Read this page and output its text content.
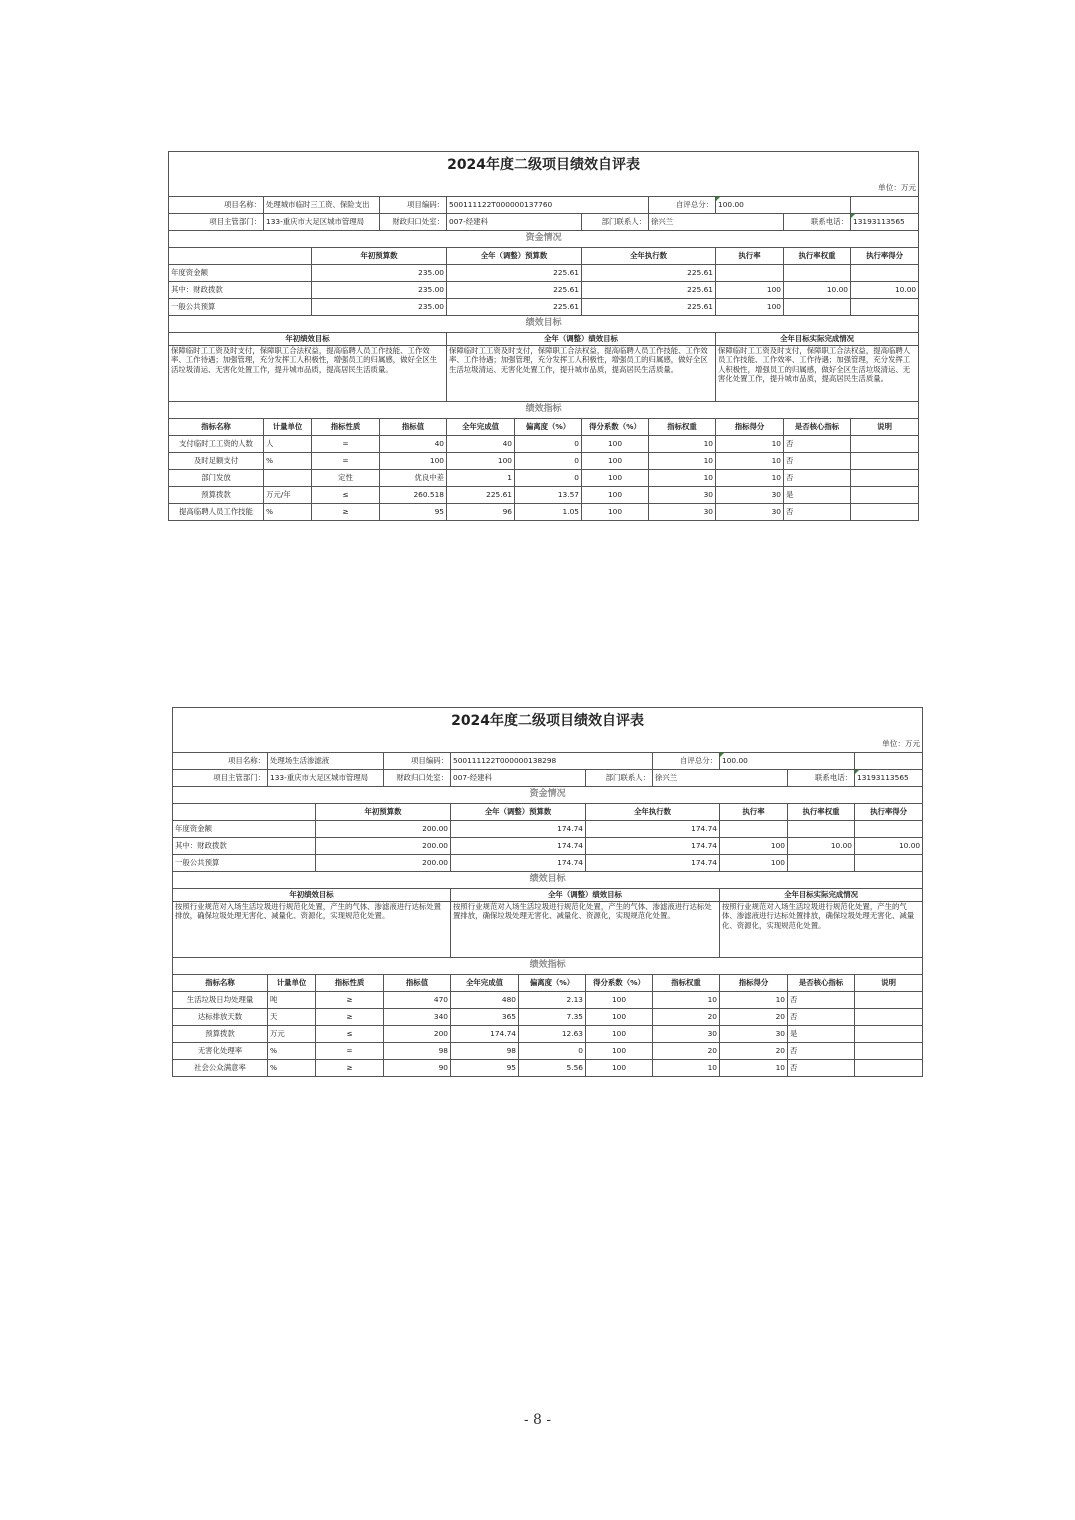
2024年度二级项目绩效自评表										
单位：万元										
项目名称：	处理城市临时三工资、保险支出		项目编码：	500111122T000000137760			自评总分：	100.00		
项目主管部门：	133-重庆市大足区城市管理局		财政归口处室：	007-经建科		部门联系人：	徐兴兰		联系电话：	13193113565
资金情况										
		年初预算数		全年（调整）预算数		全年执行数		执行率	执行率权重	执行率得分
年度资金额		235.00		225.61		225.61				
其中：财政拨款		235.00		225.61		225.61		100	10.00	10.00
一般公共预算		235.00		225.61		225.61		100		
绩效目标										
年初绩效目标				全年（调整）绩效目标				全年目标实际完成情况		
保障临时工工资及时支付，保障职工合法权益，提高临聘人员工作技能、工作效率、工作待遇；加强管理，充分发挥工人积极性，增强员工的归属感，做好全区生活垃圾清运、无害化处置工作，提升城市品质，提高居民生活质量。				保障临时工工资及时支付，保障职工合法权益，提高临聘人员工作技能、工作效率、工作待遇；加强管理，充分发挥工人积极性，增强员工的归属感，做好全区生活垃圾清运、无害化处置工作，提升城市品质，提高居民生活质量。				保障临时工工资及时支付，保障职工合法权益，提高临聘人员工作技能、工作效率、工作待遇；加强管理，充分发挥工人积极性，增强员工的归属感，做好全区生活垃圾清运、无害化处置工作，提升城市品质，提高居民生活质量。		
绩效指标										
指标名称	计量单位	指标性质	指标值	全年完成值	偏离度（%）	得分系数（%）	指标权重	指标得分	是否核心指标	说明
支付临时工工资的人数	人	=	40	40	0	100	10	10	否	
及时足额支付	%	=	100	100	0	100	10	10	否	
部门发放		定性	优良中差	1	0	100	10	10	否	
预算拨款	万元/年	≤	260.518	225.61	13.57	100	30	30	是	
提高临聘人员工作技能	%	≥	95	96	1.05	100	30	30	否	
2024年度二级项目绩效自评表										
单位：万元										
项目名称：	处理场生活渗滤液		项目编码：	500111122T000000138298			自评总分：	100.00		
项目主管部门：	133-重庆市大足区城市管理局		财政归口处室：	007-经建科		部门联系人：	徐兴兰		联系电话：	13193113565
资金情况										
		年初预算数		全年（调整）预算数		全年执行数		执行率	执行率权重	执行率得分
年度资金额		200.00		174.74		174.74				
其中：财政拨款		200.00		174.74		174.74		100	10.00	10.00
一般公共预算		200.00		174.74		174.74		100		
绩效目标										
年初绩效目标				全年（调整）绩效目标				全年目标实际完成情况		
按照行业规范对入场生活垃圾进行规范化处置，产生的气体、渗滤液进行达标处置排放，确保垃圾处理无害化、减量化、资源化，实现规范化处置。				按照行业规范对入场生活垃圾进行规范化处置，产生的气体、渗滤液进行达标处置排放，确保垃圾处理无害化、减量化、资源化，实现规范化处置。				按照行业规范对入场生活垃圾进行规范化处置，产生的气体、渗滤液进行达标处置排放，确保垃圾处理无害化、减量化、资源化，实现规范化处置。		
绩效指标										
指标名称	计量单位	指标性质	指标值	全年完成值	偏离度（%）	得分系数（%）	指标权重	指标得分	是否核心指标	说明
生活垃圾日均处理量	吨	≥	470	480	2.13	100	10	10	否	
达标排放天数	天	≥	340	365	7.35	100	20	20	否	
预算拨款	万元	≤	200	174.74	12.63	100	30	30	是	
无害化处理率	%	=	98	98	0	100	20	20	否	
社会公众满意率	%	≥	90	95	5.56	100	10	10	否	
- 8 -
